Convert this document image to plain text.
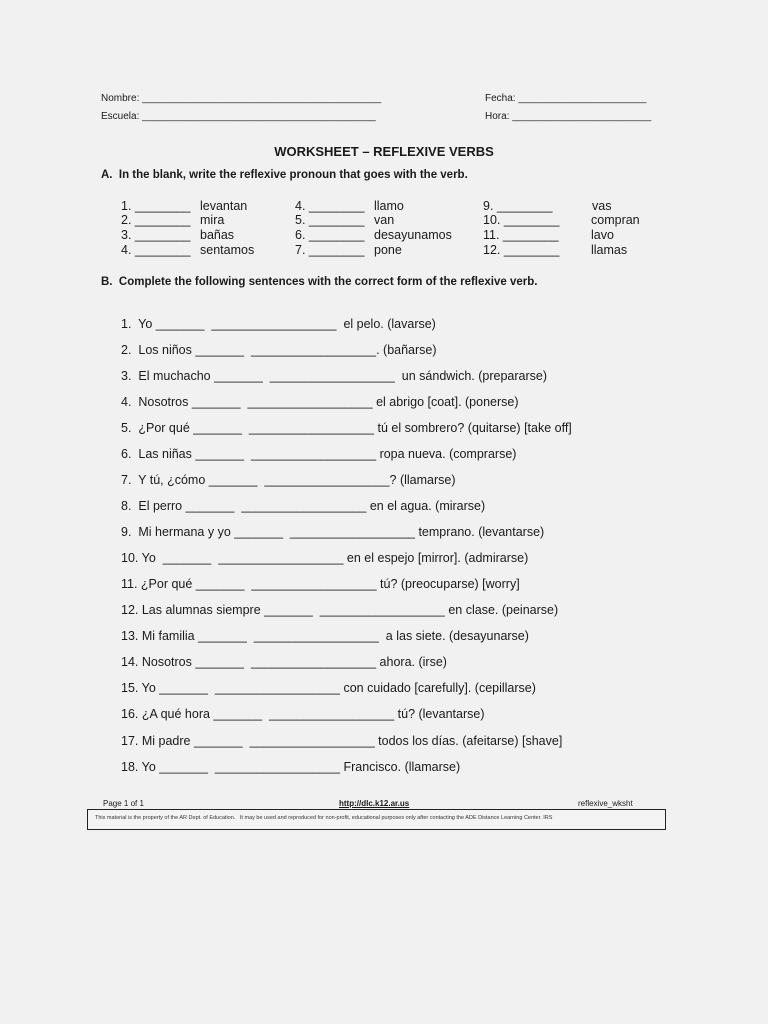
Nombre: ___________________________________________
Escuela: __________________________________________
Fecha: _______________________
Hora: _________________________
WORKSHEET – REFLEXIVE VERBS
A.  In the blank, write the reflexive pronoun that goes with the verb.
1. ________ levantan
2. ________ mira
3. ________ bañas
4. ________ sentamos
4. ________ llamo
5. ________ van
6. ________ desayunamos
7. ________ pone
9. ________	vas
10. ________	compran
11. ________	lavo
12. ________	llamas
B.  Complete the following sentences with the correct form of the reflexive verb.
1.  Yo _______  __________________  el pelo. (lavarse)
2.  Los niños _______  __________________. (bañarse)
3.  El muchacho _______  __________________  un sándwich. (prepararse)
4.  Nosotros _______  __________________ el abrigo [coat]. (ponerse)
5.  ¿Por qué _______  __________________ tú el sombrero? (quitarse) [take off]
6.  Las niñas _______  __________________ ropa nueva. (comprarse)
7.  Y tú, ¿cómo _______  __________________? (llamarse)
8.  El perro _______  __________________ en el agua. (mirarse)
9.  Mi hermana y yo _______  __________________ temprano. (levantarse)
10. Yo  _______  __________________ en el espejo [mirror]. (admirarse)
11. ¿Por qué _______  __________________ tú? (preocuparse) [worry]
12. Las alumnas siempre _______  __________________ en clase. (peinarse)
13. Mi familia _______  __________________  a las siete. (desayunarse)
14. Nosotros _______  __________________ ahora. (irse)
15. Yo _______  __________________ con cuidado [carefully]. (cepillarse)
16. ¿A qué hora _______  __________________ tú? (levantarse)
17. Mi padre _______  __________________ todos los días. (afeitarse) [shave]
18. Yo _______  __________________ Francisco. (llamarse)
Page 1 of 1	http://dlc.k12.ar.us	reflexive_wksht
This material is the property of the AR Dept. of Education.   It may be used and reproduced for non-profit, educational purposes only after contacting the ADE Distance Learning Center. IRS
